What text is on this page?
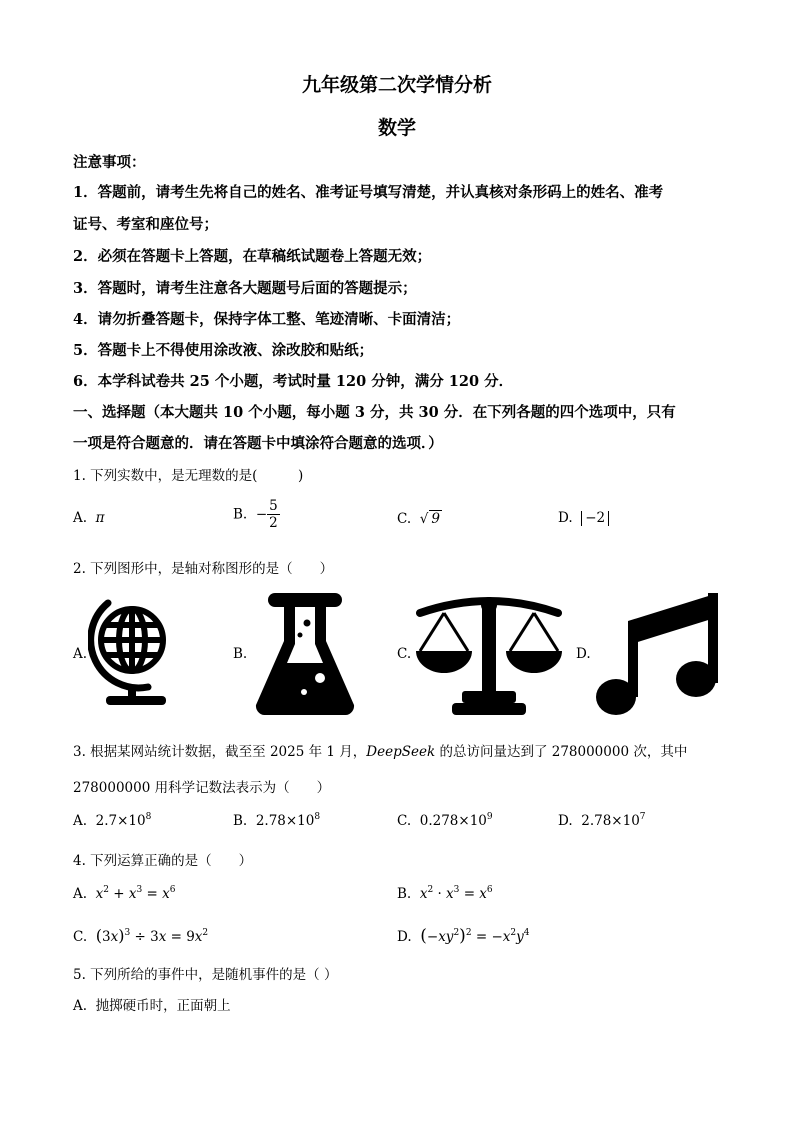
九年级第二次学情分析
数学
注意事项：
1．答题前，请考生先将自己的姓名、准考证号填写清楚，并认真核对条形码上的姓名、准考
证号、考室和座位号；
2．必须在答题卡上答题，在草稿纸试题卷上答题无效；
3．答题时，请考生注意各大题题号后面的答题提示；
4．请勿折叠答题卡，保持字体工整、笔迹清晰、卡面清洁；
5．答题卡上不得使用涂改液、涂改胶和贴纸；
6．本学科试卷共 25 个小题，考试时量 120 分钟，满分 120 分．
一、选择题（本大题共 10 个小题，每小题 3 分，共 30 分．在下列各题的四个选项中，只有
一项是符合题意的．请在答题卡中填涂符合题意的选项．）
1. 下列实数中，是无理数的是(　　　)
A. π	B. − $\frac{5}{2}$	C. √ 9	D. −2
2. 下列图形中，是轴对称图形的是（　　）
A.	B.	C.	D.
3. 根据某网站统计数据，截至至 2025 年 1 月，DeepSeek 的总访问量达到了 278000000 次，其中
278000000 用科学记数法表示为（　　）
A. $2.7\times 10^8$	B. $2.78\times 10^8$	C. $0.278\times 10^9$	D. $2.78\times 10^7$
4. 下列运算正确的是（　　）
A. $x^2 + x^3 = x^6$	B. $x^2 \cdot x^3 = x^6$
C. $(3x)^3 \div 3x = 9x^2$	D. $(-xy^2)^2 = -x^2y^4$
5. 下列所给的事件中，是随机事件的是（ ）
A. 抛掷硬币时，正面朝上
